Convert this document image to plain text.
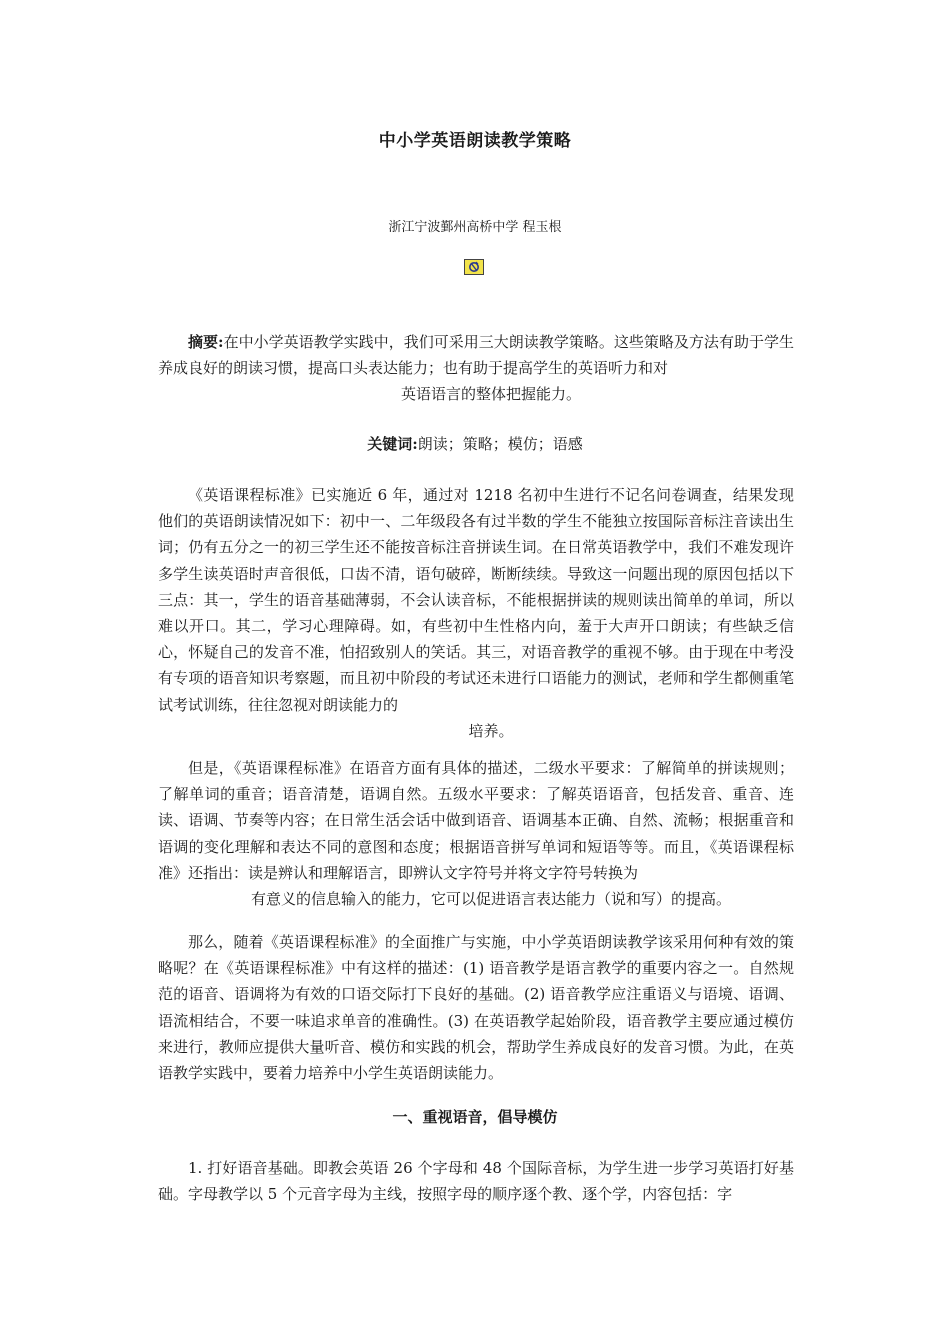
中小学英语朗读教学策略
浙江宁波鄞州高桥中学 程玉根
摘要:在中小学英语教学实践中，我们可采用三大朗读教学策略。这些策略及方法有助于学生养成良好的朗读习惯，提高口头表达能力；也有助于提高学生的英语听力和对
英语语言的整体把握能力。
关键词:朗读；策略；模仿；语感
《英语课程标准》已实施近 6 年，通过对 1218 名初中生进行不记名问卷调查，结果发现他们的英语朗读情况如下：初中一、二年级段各有过半数的学生不能独立按国际音标注音读出生词；仍有五分之一的初三学生还不能按音标注音拼读生词。在日常英语教学中，我们不难发现许多学生读英语时声音很低，口齿不清，语句破碎，断断续续。导致这一问题出现的原因包括以下三点：其一，学生的语音基础薄弱，不会认读音标，不能根据拼读的规则读出简单的单词，所以难以开口。其二，学习心理障碍。如，有些初中生性格内向，羞于大声开口朗读；有些缺乏信心，怀疑自己的发音不准，怕招致别人的笑话。其三，对语音教学的重视不够。由于现在中考没有专项的语音知识考察题，而且初中阶段的考试还未进行口语能力的测试，老师和学生都侧重笔试考试训练，往往忽视对朗读能力的
培养。
但是，《英语课程标准》在语音方面有具体的描述，二级水平要求：了解简单的拼读规则；了解单词的重音；语音清楚，语调自然。五级水平要求：了解英语语音，包括发音、重音、连读、语调、节奏等内容；在日常生活会话中做到语音、语调基本正确、自然、流畅；根据重音和语调的变化理解和表达不同的意图和态度；根据语音拼写单词和短语等等。而且，《英语课程标准》还指出：读是辨认和理解语言，即辨认文字符号并将文字符号转换为
有意义的信息输入的能力，它可以促进语言表达能力（说和写）的提高。
那么，随着《英语课程标准》的全面推广与实施，中小学英语朗读教学该采用何种有效的策略呢？在《英语课程标准》中有这样的描述：(1) 语音教学是语言教学的重要内容之一。自然规范的语音、语调将为有效的口语交际打下良好的基础。(2) 语音教学应注重语义与语境、语调、语流相结合，不要一味追求单音的准确性。(3) 在英语教学起始阶段，语音教学主要应通过模仿来进行，教师应提供大量听音、模仿和实践的机会，帮助学生养成良好的发音习惯。为此，在英语教学实践中，要着力培养中小学生英语朗读能力。
一、重视语音，倡导模仿
1. 打好语音基础。即教会英语 26 个字母和 48 个国际音标，为学生进一步学习英语打好基础。字母教学以 5 个元音字母为主线，按照字母的顺序逐个教、逐个学，内容包括：字
